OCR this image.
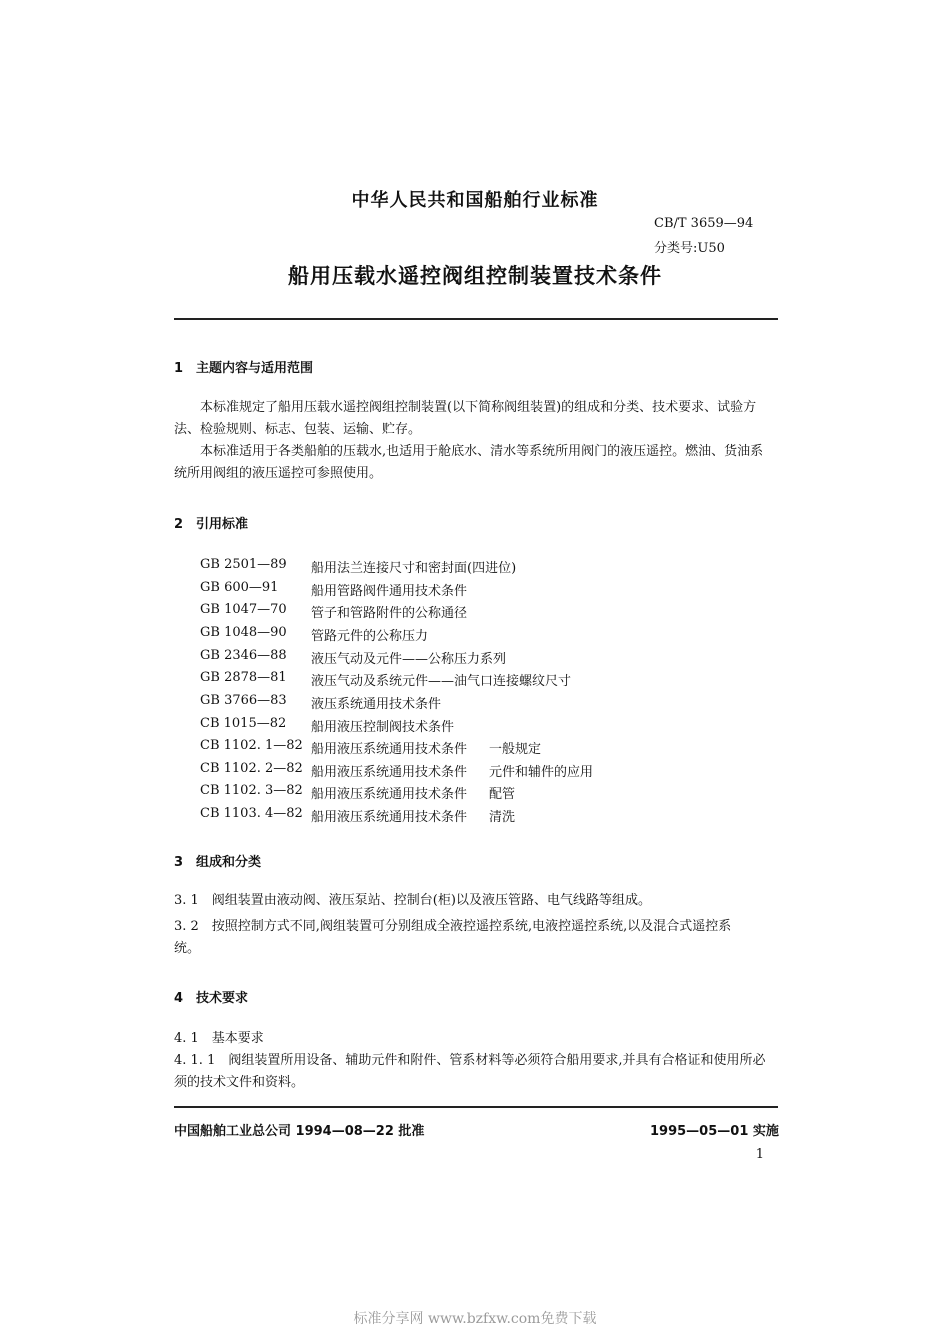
中华人民共和国船舶行业标准
CB/T 3659—94
分类号:U50
船用压载水遥控阀组控制装置技术条件
1　主题内容与适用范围
　　本标准规定了船用压载水遥控阀组控制装置(以下简称阀组装置)的组成和分类、技术要求、试验方
法、检验规则、标志、包装、运输、贮存。
　　本标准适用于各类船舶的压载水,也适用于舱底水、清水等系统所用阀门的液压遥控。燃油、货油系
统所用阀组的液压遥控可参照使用。
2　引用标准
GB 2501—89 船用法兰连接尺寸和密封面(四进位)
GB 600—91	船用管路阀件通用技术条件
GB 1047—70 管子和管路附件的公称通径
GB 1048—90 管路元件的公称压力
GB 2346—88 液压气动及元件——公称压力系列
GB 2878—81 液压气动及系统元件——油气口连接螺纹尺寸
GB 3766—83 液压系统通用技术条件
CB 1015—82 船用液压控制阀技术条件
CB 1102. 1—82 船用液压系统通用技术条件 一般规定
CB 1102. 2—82 船用液压系统通用技术条件 元件和辅件的应用
CB 1102. 3—82 船用液压系统通用技术条件 配管
CB 1103. 4—82 船用液压系统通用技术条件 清洗
3　组成和分类
3. 1　阀组装置由液动阀、液压泵站、控制台(柜)以及液压管路、电气线路等组成。
3. 2　按照控制方式不同,阀组装置可分别组成全液控遥控系统,电液控遥控系统,以及混合式遥控系
统。
4　技术要求
4. 1　基本要求
4. 1. 1　阀组装置所用设备、辅助元件和附件、管系材料等必须符合船用要求,并具有合格证和使用所必
须的技术文件和资料。
中国船舶工业总公司 1994—08—22 批准	1995—05—01 实施
1
标准分享网 www.bzfxw.com免费下载
